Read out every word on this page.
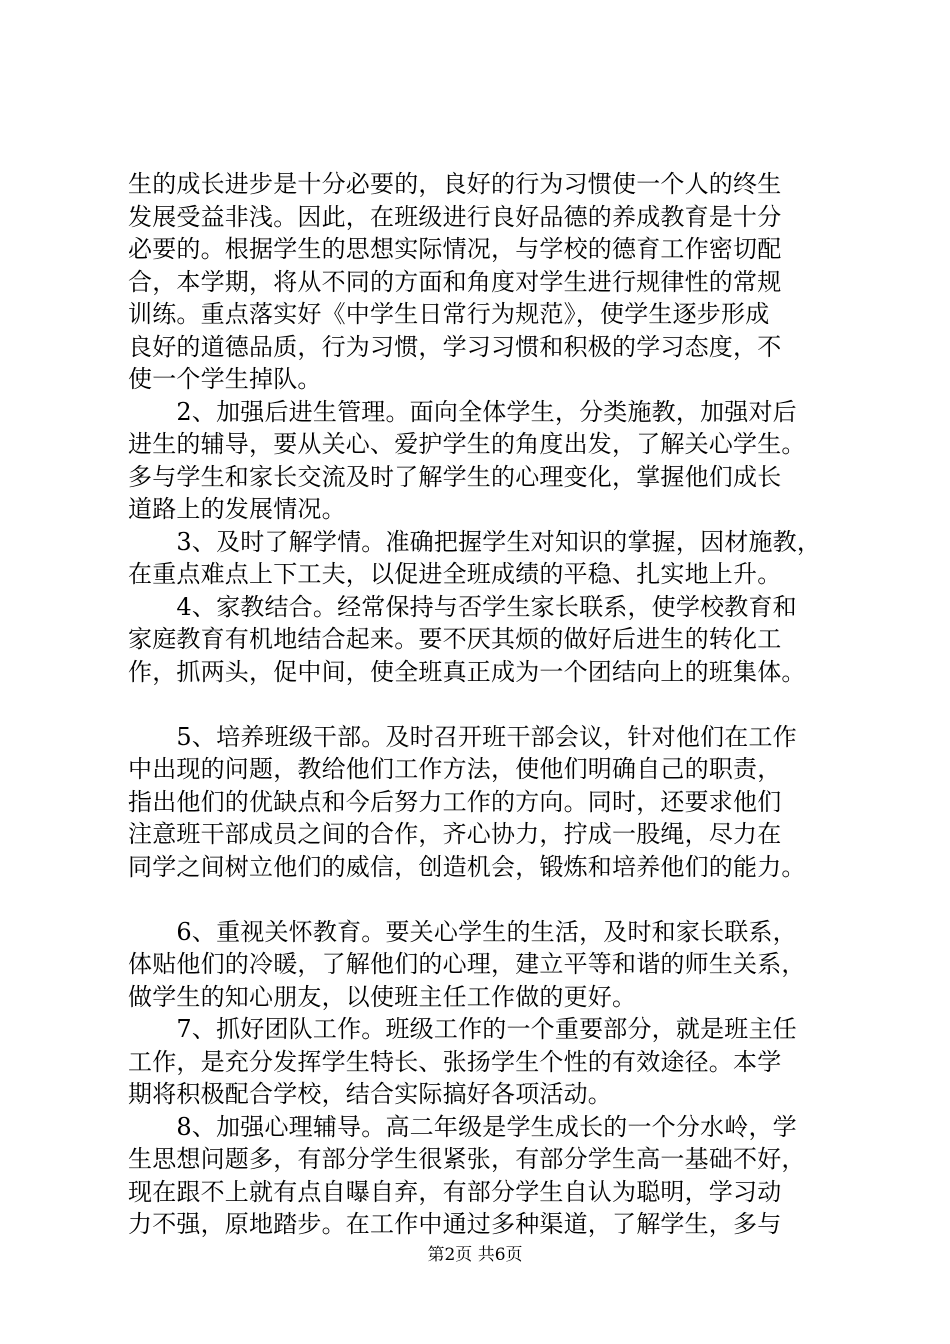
生的成长进步是十分必要的，良好的行为习惯使一个人的终生
发展受益非浅。因此，在班级进行良好品德的养成教育是十分
必要的。根据学生的思想实际情况，与学校的德育工作密切配
合，本学期，将从不同的方面和角度对学生进行规律性的常规
训练。重点落实好《中学生日常行为规范》，使学生逐步形成
良好的道德品质，行为习惯，学习习惯和积极的学习态度，不
使一个学生掉队。
　　2、加强后进生管理。面向全体学生，分类施教，加强对后
进生的辅导，要从关心、爱护学生的角度出发，了解关心学生。
多与学生和家长交流及时了解学生的心理变化，掌握他们成长
道路上的发展情况。
　　3、及时了解学情。准确把握学生对知识的掌握，因材施教，
在重点难点上下工夫，以促进全班成绩的平稳、扎实地上升。
　　4、家教结合。经常保持与否学生家长联系，使学校教育和
家庭教育有机地结合起来。要不厌其烦的做好后进生的转化工
作，抓两头，促中间，使全班真正成为一个团结向上的班集体。
　　5、培养班级干部。及时召开班干部会议，针对他们在工作
中出现的问题，教给他们工作方法，使他们明确自己的职责，
指出他们的优缺点和今后努力工作的方向。同时，还要求他们
注意班干部成员之间的合作，齐心协力，拧成一股绳，尽力在
同学之间树立他们的威信，创造机会，锻炼和培养他们的能力。
　　6、重视关怀教育。要关心学生的生活，及时和家长联系，
体贴他们的冷暖，了解他们的心理，建立平等和谐的师生关系，
做学生的知心朋友，以使班主任工作做的更好。
　　7、抓好团队工作。班级工作的一个重要部分，就是班主任
工作，是充分发挥学生特长、张扬学生个性的有效途径。本学
期将积极配合学校，结合实际搞好各项活动。
　　8、加强心理辅导。高二年级是学生成长的一个分水岭，学
生思想问题多，有部分学生很紧张，有部分学生高一基础不好，
现在跟不上就有点自曝自弃，有部分学生自认为聪明，学习动
力不强，原地踏步。在工作中通过多种渠道，了解学生，多与
第2页 共6页
